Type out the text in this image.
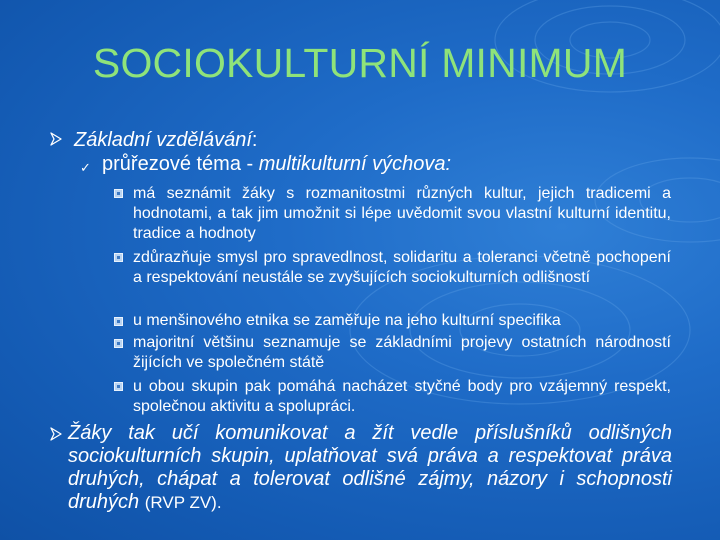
SOCIOKULTURNÍ MINIMUM
Základní vzdělávání:
✓ průřezové téma - multikulturní výchova:
má seznámit žáky s rozmanitostmi různých kultur, jejich tradicemi a hodnotami, a tak jim umožnit si lépe uvědomit svou vlastní kulturní identitu, tradice a hodnoty
zdůrazňuje smysl pro spravedlnost, solidaritu a toleranci včetně pochopení a respektování neustále se zvyšujících sociokulturních odlišností
u menšinového etnika se zaměřuje na jeho kulturní specifika
majoritní většinu seznamuje se základními projevy ostatních národností žijících ve společném státě
u obou skupin pak pomáhá nacházet styčné body pro vzájemný respekt, společnou aktivitu a spolupráci.
Žáky tak učí komunikovat a žít vedle příslušníků odlišných sociokulturních skupin, uplatňovat svá práva a respektovat práva druhých, chápat a tolerovat odlišné zájmy, názory i schopnosti druhých (RVP ZV).
